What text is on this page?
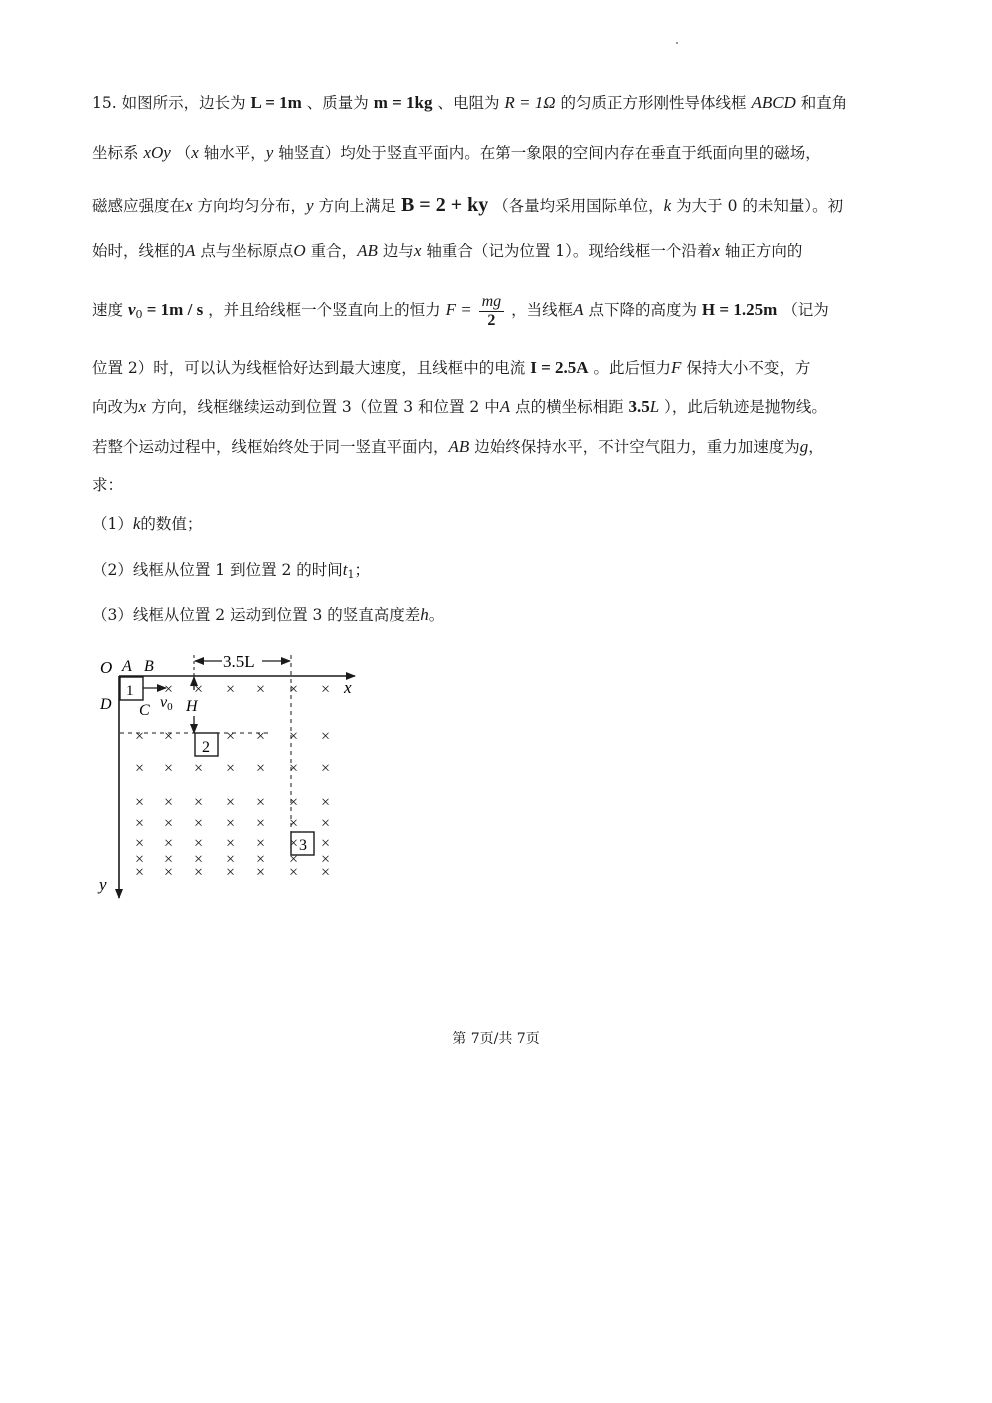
15. 如图所示，边长为 L = 1m 、质量为 m = 1kg 、电阻为 R = 1Ω 的匀质正方形刚性导体线框 ABCD 和直角
坐标系 xOy （x 轴水平，y 轴竖直）均处于竖直平面内。在第一象限的空间内存在垂直于纸面向里的磁场，
磁感应强度在x 方向均匀分布，y 方向上满足 B = 2 + ky （各量均采用国际单位，k 为大于 0 的未知量）。初
始时，线框的A 点与坐标原点O 重合，AB 边与x 轴重合（记为位置 1）。现给线框一个沿着x 轴正方向的
速度 $v_0 = 1m / s$ ，并且给线框一个竖直向上的恒力 $F = \frac{mg}{2}$ ，当线框A 点下降的高度为 H = 1.25m （记为
位置 2）时，可以认为线框恰好达到最大速度，且线框中的电流 I = 2.5A 。此后恒力F 保持大小不变，方
向改为x 方向，线框继续运动到位置 3（位置 3 和位置 2 中A 点的横坐标相距 3.5L ），此后轨迹是抛物线。
若整个运动过程中，线框始终处于同一竖直平面内，AB 边始终保持水平，不计空气阻力，重力加速度为g，
求：
（1）k的数值；
（2）线框从位置 1 到位置 2 的时间$t_1$；
（3）线框从位置 2 运动到位置 3 的竖直高度差h。
× × × × × ×
× ×	× × × ×
× × × × × × ×
× × × × × × ×
× × × × × × ×
× × × × × × ×
× × × × × × ×
× × × × × × ×
1
3.5L
2
3
O A B
D C v0 H
x
y
第 7页/共 7页
